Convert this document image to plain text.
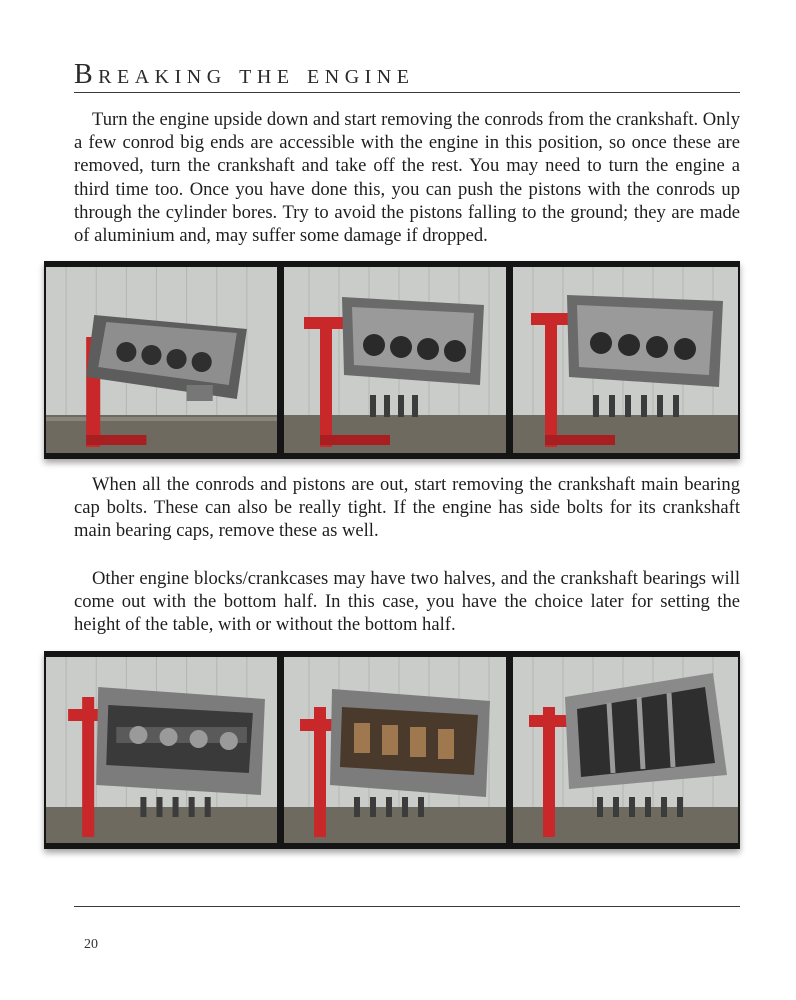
Breaking the engine

Turn the engine upside down and start removing the conrods from the crankshaft. Only a few conrod big ends are accessible with the engine in this position, so once these are removed, turn the crankshaft and take off the rest. You may need to turn the engine a third time too. Once you have done this, you can push the pistons with the conrods up through the cylinder bores. Try to avoid the pistons falling to the ground; they are made of aluminium and, may suffer some damage if dropped.

When all the conrods and pistons are out, start removing the crankshaft main bearing cap bolts. These can also be really tight. If the engine has side bolts for its crankshaft main bearing caps, remove these as well.

Other engine blocks/crankcases may have two halves, and the crankshaft bearings will come out with the bottom half. In this case, you have the choice later for setting the height of the table, with or without the bottom half.

20
